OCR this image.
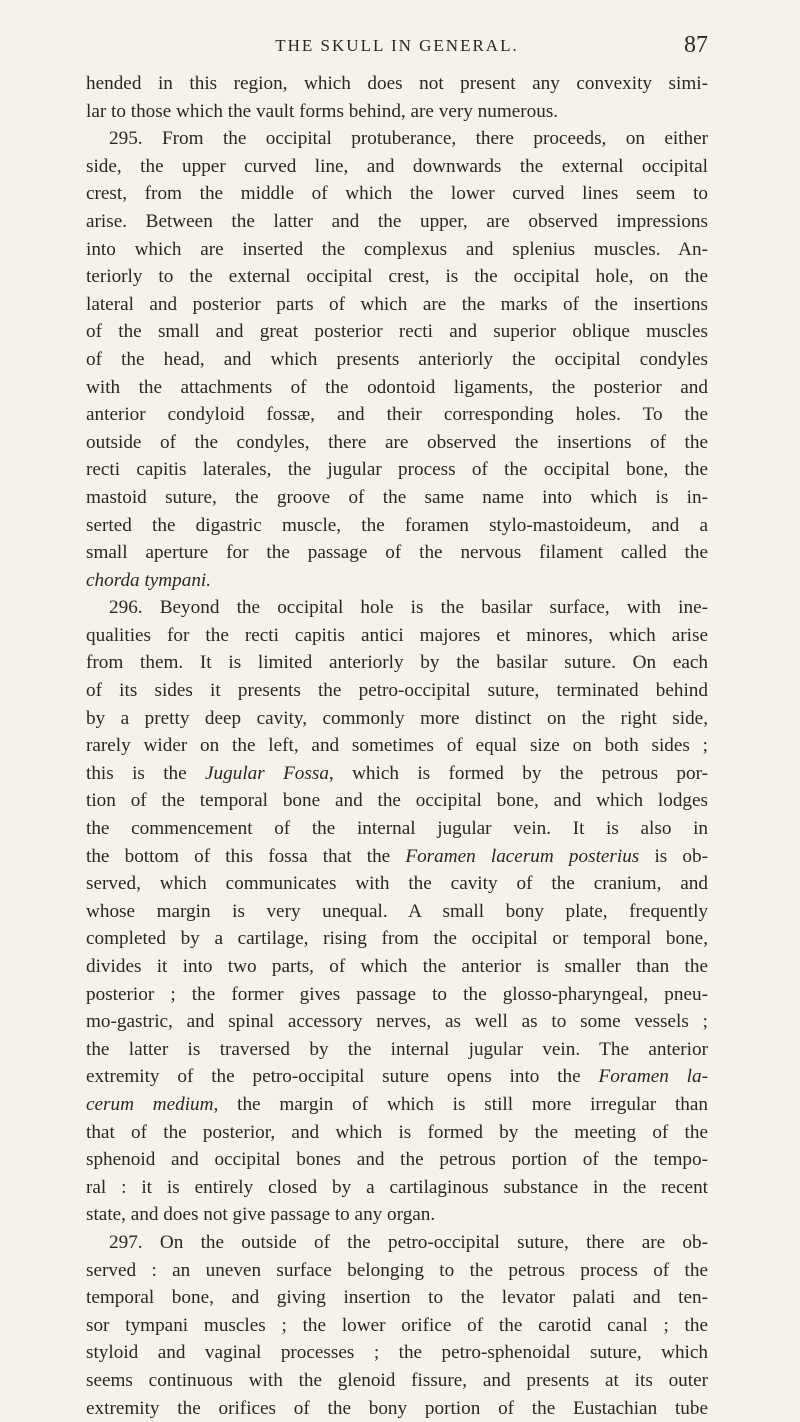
THE SKULL IN GENERAL.	87
hended in this region, which does not present any convexity simi-
lar to those which the vault forms behind, are very numerous.
295. From the occipital protuberance, there proceeds, on either
side, the upper curved line, and downwards the external occipital
crest, from the middle of which the lower curved lines seem to
arise. Between the latter and the upper, are observed impressions
into which are inserted the complexus and splenius muscles. An-
teriorly to the external occipital crest, is the occipital hole, on the
lateral and posterior parts of which are the marks of the insertions
of the small and great posterior recti and superior oblique muscles
of the head, and which presents anteriorly the occipital condyles
with the attachments of the odontoid ligaments, the posterior and
anterior condyloid fossæ, and their corresponding holes. To the
outside of the condyles, there are observed the insertions of the
recti capitis laterales, the jugular process of the occipital bone, the
mastoid suture, the groove of the same name into which is in-
serted the digastric muscle, the foramen stylo-mastoideum, and a
small aperture for the passage of the nervous filament called the
chorda tympani.
296. Beyond the occipital hole is the basilar surface, with ine-
qualities for the recti capitis antici majores et minores, which arise
from them. It is limited anteriorly by the basilar suture. On each
of its sides it presents the petro-occipital suture, terminated behind
by a pretty deep cavity, commonly more distinct on the right side,
rarely wider on the left, and sometimes of equal size on both sides ;
this is the Jugular Fossa, which is formed by the petrous por-
tion of the temporal bone and the occipital bone, and which lodges
the commencement of the internal jugular vein. It is also in
the bottom of this fossa that the Foramen lacerum posterius is ob-
served, which communicates with the cavity of the cranium, and
whose margin is very unequal. A small bony plate, frequently
completed by a cartilage, rising from the occipital or temporal bone,
divides it into two parts, of which the anterior is smaller than the
posterior ; the former gives passage to the glosso-pharyngeal, pneu-
mo-gastric, and spinal accessory nerves, as well as to some vessels ;
the latter is traversed by the internal jugular vein. The anterior
extremity of the petro-occipital suture opens into the Foramen la-
cerum medium, the margin of which is still more irregular than
that of the posterior, and which is formed by the meeting of the
sphenoid and occipital bones and the petrous portion of the tempo-
ral : it is entirely closed by a cartilaginous substance in the recent
state, and does not give passage to any organ.
297. On the outside of the petro-occipital suture, there are ob-
served : an uneven surface belonging to the petrous process of the
temporal bone, and giving insertion to the levator palati and ten-
sor tympani muscles ; the lower orifice of the carotid canal ; the
styloid and vaginal processes ; the petro-sphenoidal suture, which
seems continuous with the glenoid fissure, and presents at its outer
extremity the orifices of the bony portion of the Eustachian tube
